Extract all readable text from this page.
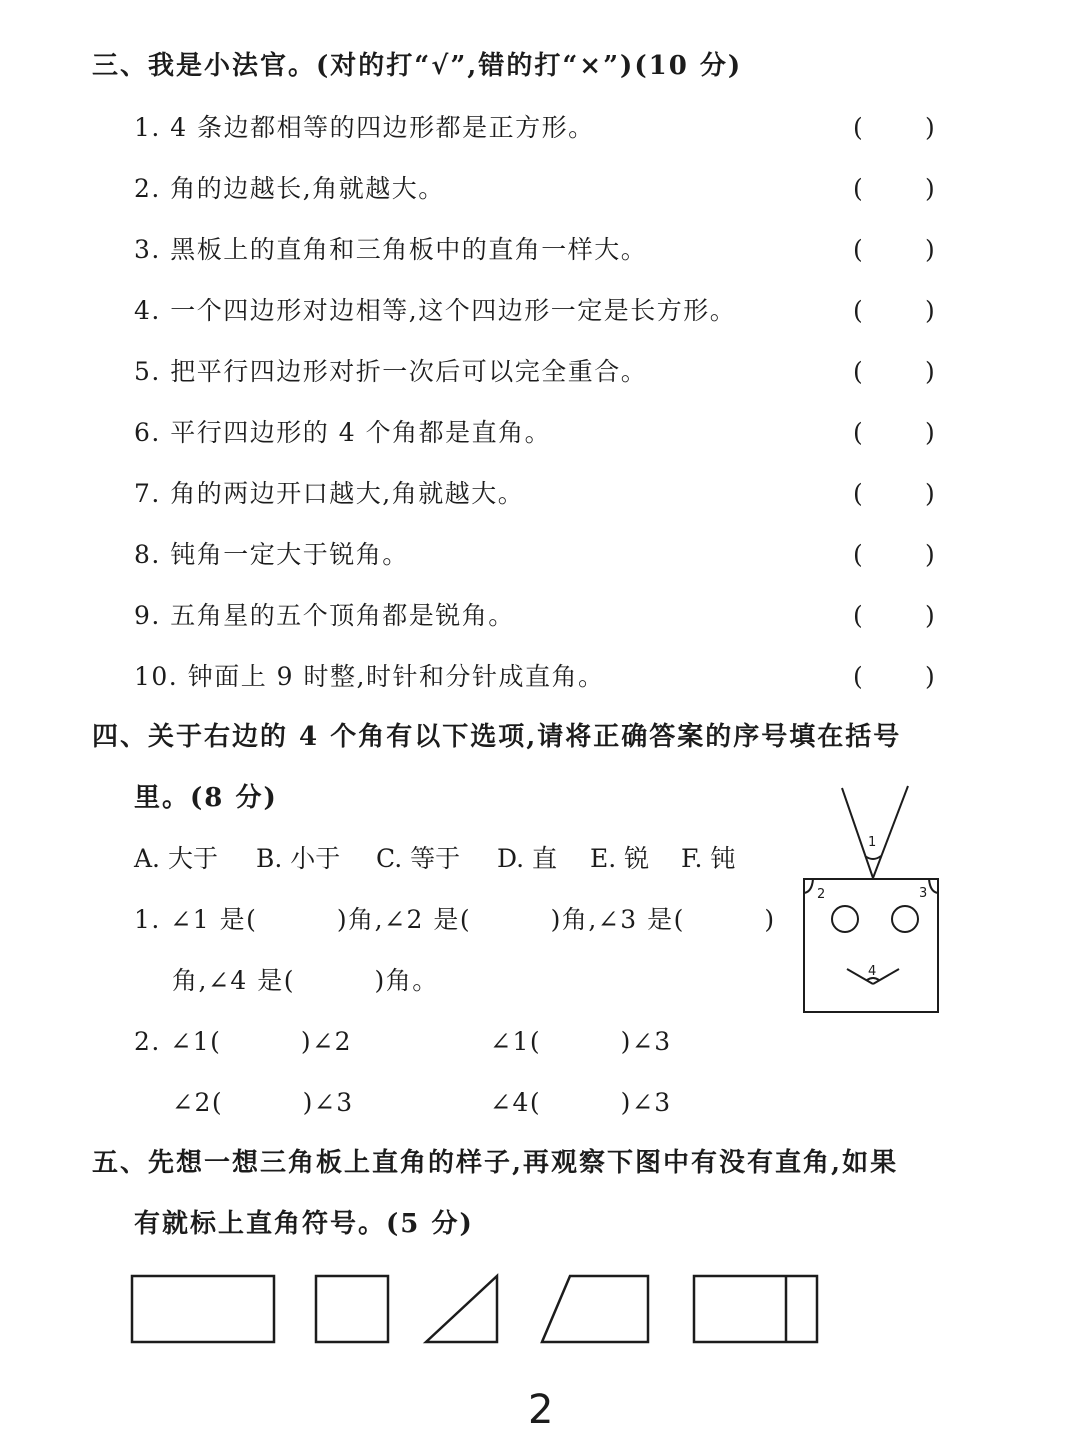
三、我是小法官。(对的打“√”,错的打“×”)(10 分)
1. 4 条边都相等的四边形都是正方形。	( )
2. 角的边越长,角就越大。	( )
3. 黑板上的直角和三角板中的直角一样大。	( )
4. 一个四边形对边相等,这个四边形一定是长方形。	( )
5. 把平行四边形对折一次后可以完全重合。	( )
6. 平行四边形的 4 个角都是直角。	( )
7. 角的两边开口越大,角就越大。	( )
8. 钝角一定大于锐角。	( )
9. 五角星的五个顶角都是锐角。	( )
10. 钟面上 9 时整,时针和分针成直角。	( )
四、关于右边的 4 个角有以下选项,请将正确答案的序号填在括号
里。(8 分)
A. 大于 B. 小于 C. 等于 D. 直 E. 锐 F. 钝
1. ∠1 是(　　　)角,∠2 是(　　　)角,∠3 是(　　　)
角,∠4 是(　　　)角。
2. ∠1(　　　)∠2	∠1(　　　)∠3
∠2(　　　)∠3	∠4(　　　)∠3
1
2	3
4
五、先想一想三角板上直角的样子,再观察下图中有没有直角,如果
有就标上直角符号。(5 分)
2
